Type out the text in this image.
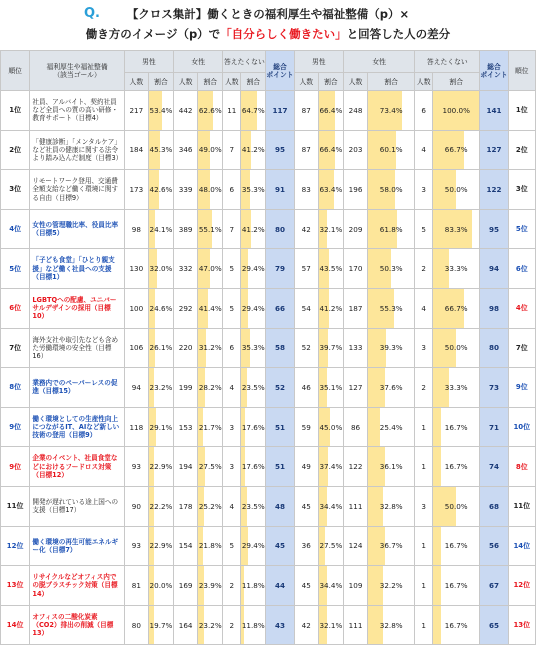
Q.	【クロス集計】働くときの福利厚生や福祉整備（p）×
働き方のイメージ（p）で「自分らしく働きたい」と回答した人の差分
順位	福利厚生や福祉整備
（該当ゴール）	男性		女性		答えたくない		総合
ポイント	男性		女性		答えたくない		総合
ポイント	順位
		人数	割合	人数	割合	人数	割合		人数	割合	人数	割合	人数	割合		
1位	社員、アルバイト、契約社員など全員への質の高い研修・教育サポート（目標4）	217	53.4%	442	62.6%	11	64.7%	117	87	66.4%	248	73.4%	6	100.0%	141	1位
2位	「健康診断」「メンタルケア」など社員の健康に関する法令より踏み込んだ制度（目標3）	184	45.3%	346	49.0%	7	41.2%	95	87	66.4%	203	60.1%	4	66.7%	127	2位
3位	リモートワーク登用、交通費全額支給など働く環境に関する自由（目標9）	173	42.6%	339	48.0%	6	35.3%	91	83	63.4%	196	58.0%	3	50.0%	122	3位
4位	女性の管理職比率、役員比率（目標5）	98	24.1%	389	55.1%	7	41.2%	80	42	32.1%	209	61.8%	5	83.3%	95	5位
5位	「子ども食堂」「ひとり親支援」など働く社員への支援（目標1）	130	32.0%	332	47.0%	5	29.4%	79	57	43.5%	170	50.3%	2	33.3%	94	6位
6位	LGBTQへの配慮、ユニバーサルデザインの採用（目標10）	100	24.6%	292	41.4%	5	29.4%	66	54	41.2%	187	55.3%	4	66.7%	98	4位
7位	海外支社や取引先なども含めた労働環境の安全性（目標16）	106	26.1%	220	31.2%	6	35.3%	58	52	39.7%	133	39.3%	3	50.0%	80	7位
8位	業務内でのペーパーレスの促進（目標15）	94	23.2%	199	28.2%	4	23.5%	52	46	35.1%	127	37.6%	2	33.3%	73	9位
9位	働く環境としての生産性向上につながるIT、AIなど新しい技術の登用（目標9）	118	29.1%	153	21.7%	3	17.6%	51	59	45.0%	86	25.4%	1	16.7%	71	10位
9位	企業のイベント、社員食堂などにおけるフードロス対策（目標12）	93	22.9%	194	27.5%	3	17.6%	51	49	37.4%	122	36.1%	1	16.7%	74	8位
11位	開発が遅れている途上国への支援（目標17）	90	22.2%	178	25.2%	4	23.5%	48	45	34.4%	111	32.8%	3	50.0%	68	11位
12位	働く環境の再生可能エネルギー化（目標7）	93	22.9%	154	21.8%	5	29.4%	45	36	27.5%	124	36.7%	1	16.7%	56	14位
13位	リサイクルなどオフィス内での脱プラスチック対策（目標14）	81	20.0%	169	23.9%	2	11.8%	44	45	34.4%	109	32.2%	1	16.7%	67	12位
14位	オフィスの二酸化炭素（CO2）排出の削減（目標13）	80	19.7%	164	23.2%	2	11.8%	43	42	32.1%	111	32.8%	1	16.7%	65	13位
